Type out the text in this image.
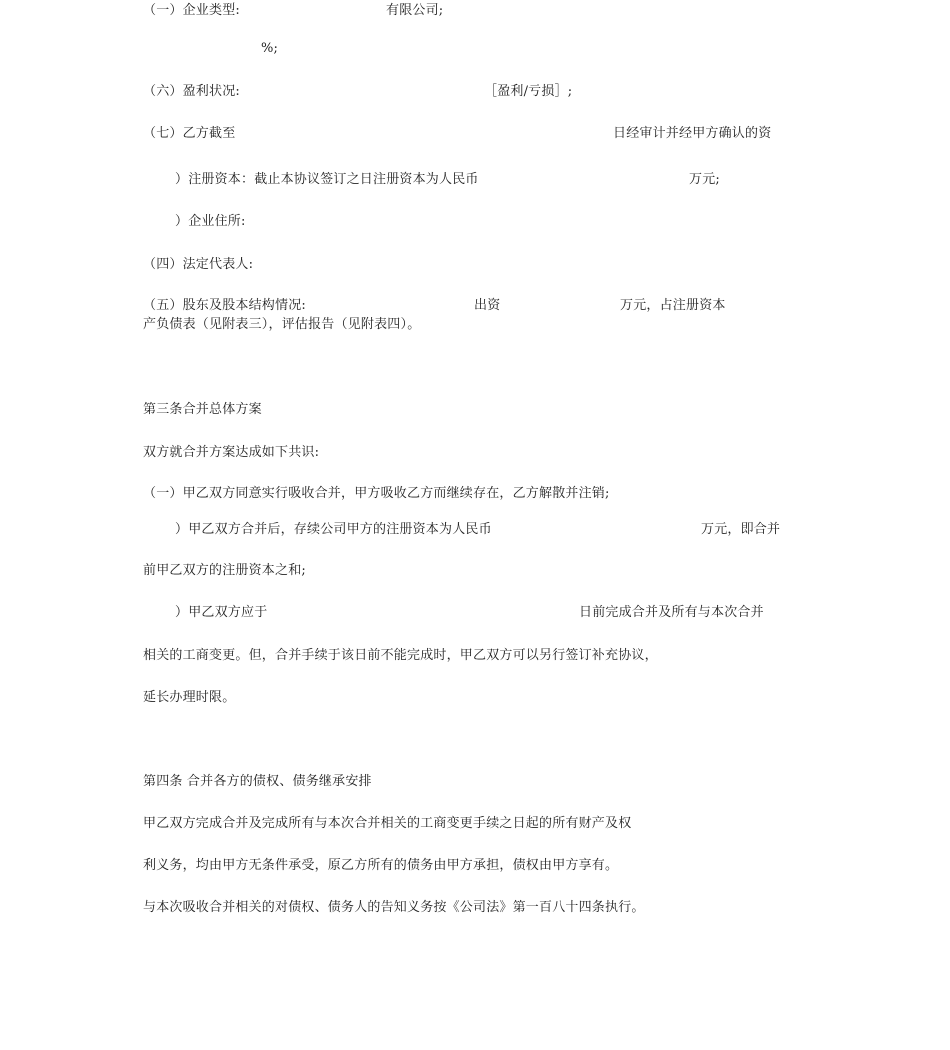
（一）企业类型:	有限公司;
%;
（六）盈利状况:	［盈利/亏损］;
（七）乙方截至	日经审计并经甲方确认的资
）注册资本：截止本协议签订之日注册资本为人民币	万元;
）企业住所:
（四）法定代表人:
（五）股东及股本结构情况:	出资	万元，占注册资本
产负债表（见附表三），评估报告（见附表四）。
第三条合并总体方案
双方就合并方案达成如下共识:
（一）甲乙双方同意实行吸收合并，甲方吸收乙方而继续存在，乙方解散并注销;
）甲乙双方合并后，存续公司甲方的注册资本为人民币	万元，即合并
前甲乙双方的注册资本之和;
）甲乙双方应于	日前完成合并及所有与本次合并
相关的工商变更。但，合并手续于该日前不能完成时，甲乙双方可以另行签订补充协议，
延长办理时限。
第四条 合并各方的债权、债务继承安排
甲乙双方完成合并及完成所有与本次合并相关的工商变更手续之日起的所有财产及权
利义务，均由甲方无条件承受，原乙方所有的债务由甲方承担，债权由甲方享有。
与本次吸收合并相关的对债权、债务人的告知义务按《公司法》第一百八十四条执行。
